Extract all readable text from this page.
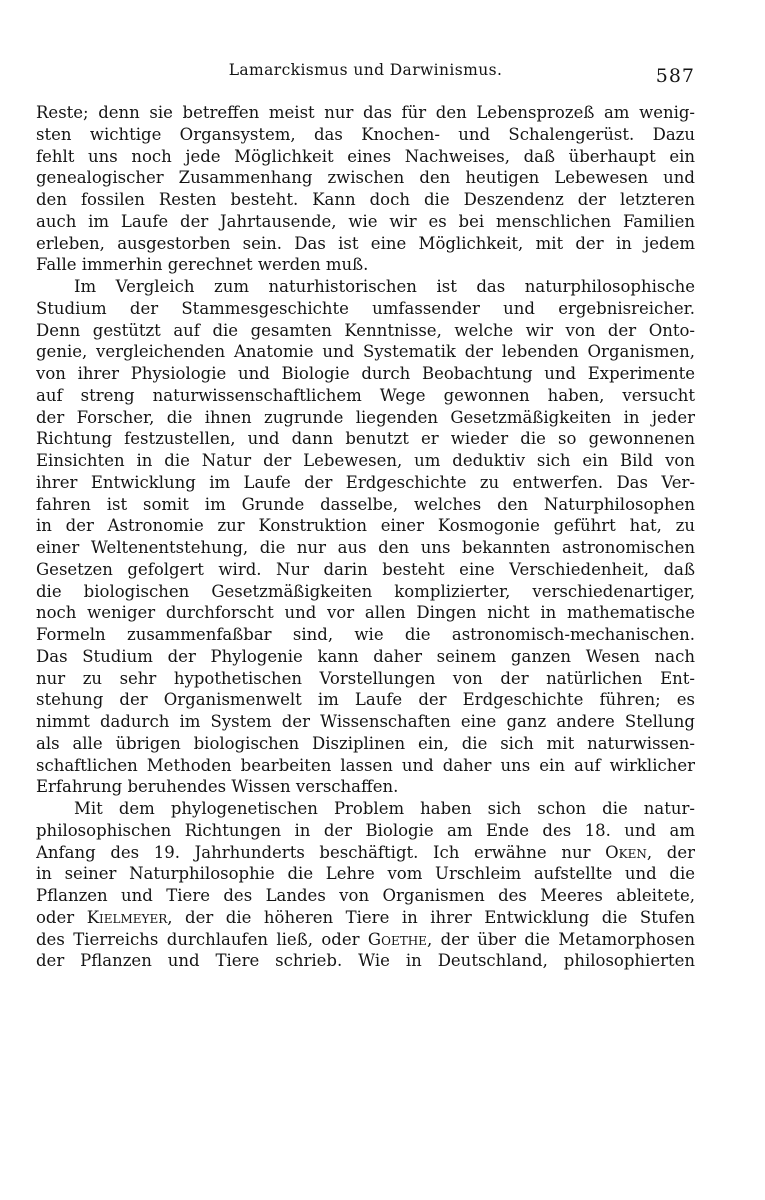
Lamarckismus und Darwinismus.	587
Reste; denn sie betreffen meist nur das für den Lebensprozeß am wenig-
sten wichtige Organsystem, das Knochen- und Schalengerüst. Dazu
fehlt uns noch jede Möglichkeit eines Nachweises, daß überhaupt ein
genealogischer Zusammenhang zwischen den heutigen Lebewesen und
den fossilen Resten besteht. Kann doch die Deszendenz der letzteren
auch im Laufe der Jahrtausende, wie wir es bei menschlichen Familien
erleben, ausgestorben sein. Das ist eine Möglichkeit, mit der in jedem
Falle immerhin gerechnet werden muß.
Im Vergleich zum naturhistorischen ist das naturphilosophische
Studium der Stammesgeschichte umfassender und ergebnisreicher.
Denn gestützt auf die gesamten Kenntnisse, welche wir von der Onto-
genie, vergleichenden Anatomie und Systematik der lebenden Organismen,
von ihrer Physiologie und Biologie durch Beobachtung und Experimente
auf streng naturwissenschaftlichem Wege gewonnen haben, versucht
der Forscher, die ihnen zugrunde liegenden Gesetzmäßigkeiten in jeder
Richtung festzustellen, und dann benutzt er wieder die so gewonnenen
Einsichten in die Natur der Lebewesen, um deduktiv sich ein Bild von
ihrer Entwicklung im Laufe der Erdgeschichte zu entwerfen. Das Ver-
fahren ist somit im Grunde dasselbe, welches den Naturphilosophen
in der Astronomie zur Konstruktion einer Kosmogonie geführt hat, zu
einer Weltenentstehung, die nur aus den uns bekannten astronomischen
Gesetzen gefolgert wird. Nur darin besteht eine Verschiedenheit, daß
die biologischen Gesetzmäßigkeiten komplizierter, verschiedenartiger,
noch weniger durchforscht und vor allen Dingen nicht in mathematische
Formeln zusammenfaßbar sind, wie die astronomisch-mechanischen.
Das Studium der Phylogenie kann daher seinem ganzen Wesen nach
nur zu sehr hypothetischen Vorstellungen von der natürlichen Ent-
stehung der Organismenwelt im Laufe der Erdgeschichte führen; es
nimmt dadurch im System der Wissenschaften eine ganz andere Stellung
als alle übrigen biologischen Disziplinen ein, die sich mit naturwissen-
schaftlichen Methoden bearbeiten lassen und daher uns ein auf wirklicher
Erfahrung beruhendes Wissen verschaffen.
Mit dem phylogenetischen Problem haben sich schon die natur-
philosophischen Richtungen in der Biologie am Ende des 18. und am
Anfang des 19. Jahrhunderts beschäftigt. Ich erwähne nur Oken, der
in seiner Naturphilosophie die Lehre vom Urschleim aufstellte und die
Pflanzen und Tiere des Landes von Organismen des Meeres ableitete,
oder Kielmeyer, der die höheren Tiere in ihrer Entwicklung die Stufen
des Tierreichs durchlaufen ließ, oder Goethe, der über die Metamorphosen
der Pflanzen und Tiere schrieb. Wie in Deutschland, philosophierten
